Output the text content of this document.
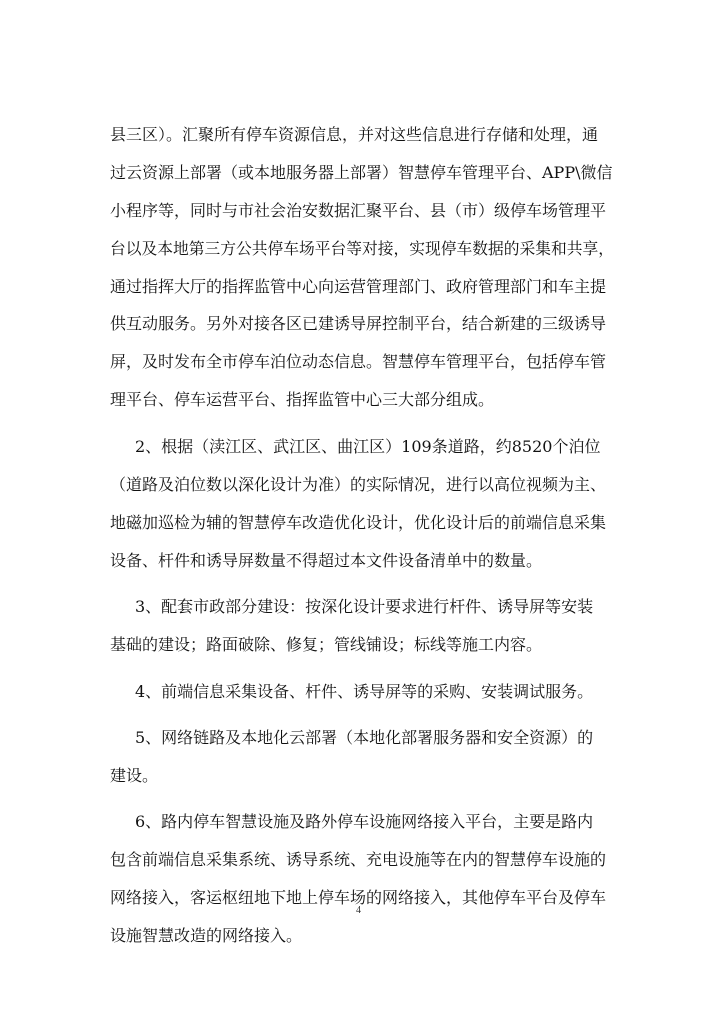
县三区）。汇聚所有停车资源信息，并对这些信息进行存储和处理，通
过云资源上部署（或本地服务器上部署）智慧停车管理平台、APP\微信
小程序等，同时与市社会治安数据汇聚平台、县（市）级停车场管理平
台以及本地第三方公共停车场平台等对接，实现停车数据的采集和共享，
通过指挥大厅的指挥监管中心向运营管理部门、政府管理部门和车主提
供互动服务。另外对接各区已建诱导屏控制平台，结合新建的三级诱导
屏，及时发布全市停车泊位动态信息。智慧停车管理平台，包括停车管
理平台、停车运营平台、指挥监管中心三大部分组成。
2、根据（渎江区、武江区、曲江区）109条道路，约8520个泊位
（道路及泊位数以深化设计为准）的实际情况，进行以高位视频为主、
地磁加巡检为辅的智慧停车改造优化设计，优化设计后的前端信息采集
设备、杆件和诱导屏数量不得超过本文件设备清单中的数量。
3、配套市政部分建设：按深化设计要求进行杆件、诱导屏等安装
基础的建设；路面破除、修复；管线铺设；标线等施工内容。
4、前端信息采集设备、杆件、诱导屏等的采购、安装调试服务。
5、网络链路及本地化云部署（本地化部署服务器和安全资源）的
建设。
6、路内停车智慧设施及路外停车设施网络接入平台，主要是路内
包含前端信息采集系统、诱导系统、充电设施等在内的智慧停车设施的
网络接入，客运枢纽地下地上停车场的网络接入，其他停车平台及停车
设施智慧改造的网络接入。
4
